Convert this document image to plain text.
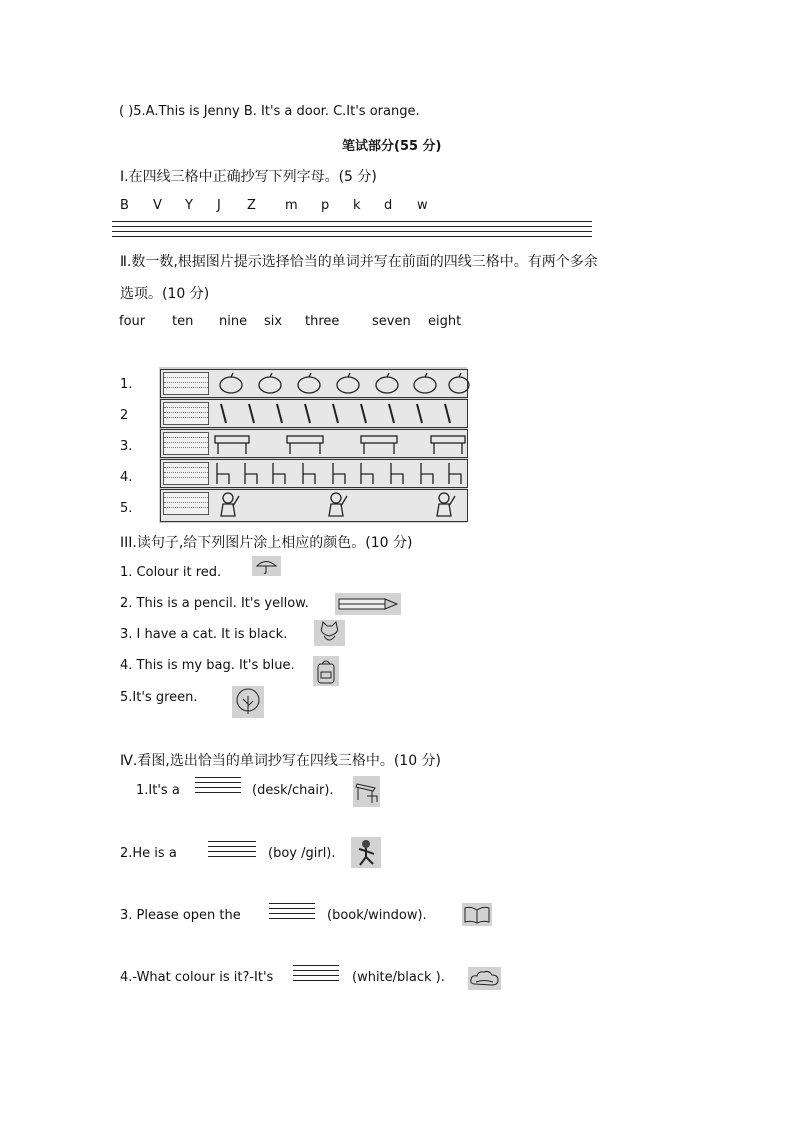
( )5.A.This is Jenny B. It's a door. C.It's orange.
笔试部分(55 分)
Ⅰ.在四线三格中正确抄写下列字母。(5 分)
B V Y J Z m p k d w
Ⅱ.数一数,根据图片提示选择恰当的单词并写在前面的四线三格中。有两个多余
选项。(10 分)
four ten nine six three	seven eight
1.
2
3.
4.
5.
III.读句子,给下列图片涂上相应的颜色。(10 分)
1. Colour it red.
2. This is a pencil. It's yellow.
3. I have a cat. It is black.
4. This is my bag. It's blue.
5.It's green.
Ⅳ.看图,选出恰当的单词抄写在四线三格中。(10 分)
1.It's a	(desk/chair).
2.He is a	(boy /girl).
3. Please open the	(book/window).
4.-What colour is it?-It's	(white/black ).
